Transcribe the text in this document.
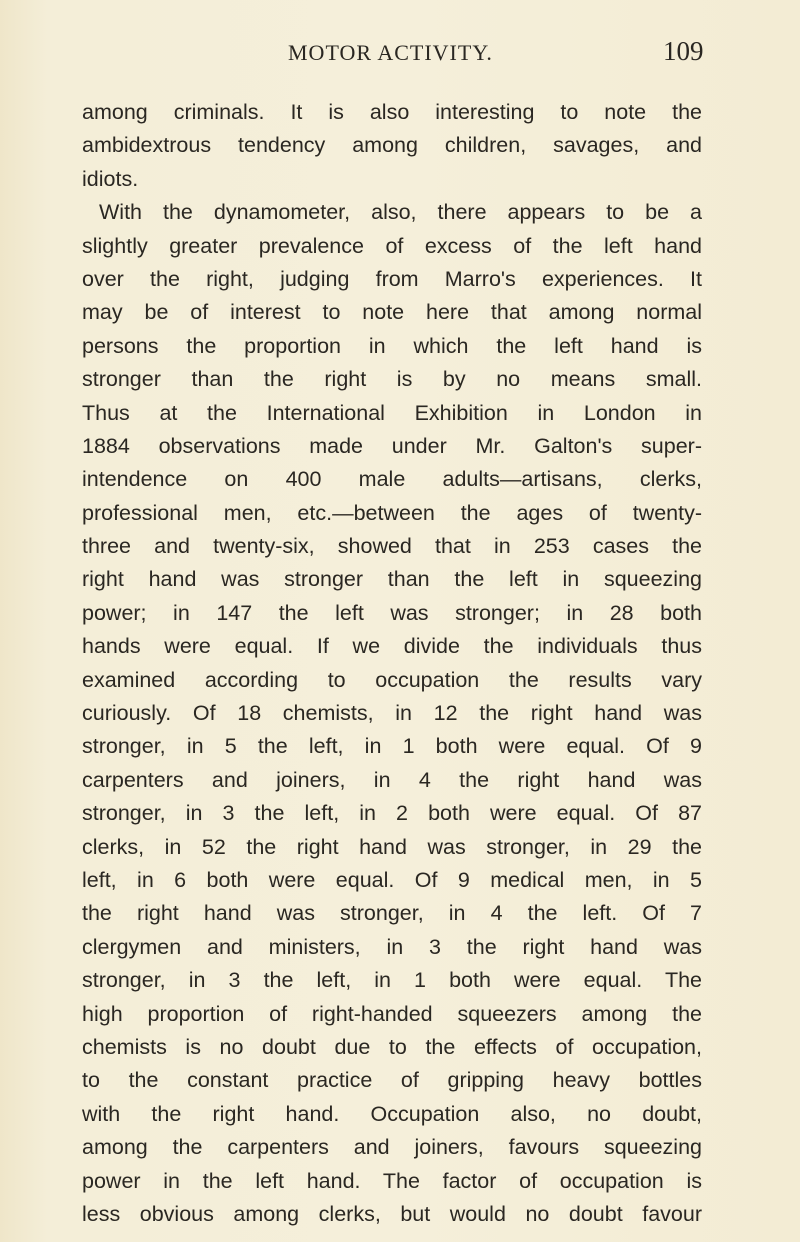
MOTOR ACTIVITY.	109
among criminals. It is also interesting to note the
ambidextrous tendency among children, savages, and
idiots.
With the dynamometer, also, there appears to be a
slightly greater prevalence of excess of the left hand
over the right, judging from Marro's experiences. It
may be of interest to note here that among normal
persons the proportion in which the left hand is
stronger than the right is by no means small.
Thus at the International Exhibition in London in
1884 observations made under Mr. Galton's super-
intendence on 400 male adults—artisans, clerks,
professional men, etc.—between the ages of twenty-
three and twenty-six, showed that in 253 cases the
right hand was stronger than the left in squeezing
power; in 147 the left was stronger; in 28 both
hands were equal. If we divide the individuals thus
examined according to occupation the results vary
curiously. Of 18 chemists, in 12 the right hand was
stronger, in 5 the left, in 1 both were equal. Of 9
carpenters and joiners, in 4 the right hand was
stronger, in 3 the left, in 2 both were equal. Of 87
clerks, in 52 the right hand was stronger, in 29 the
left, in 6 both were equal. Of 9 medical men, in 5
the right hand was stronger, in 4 the left. Of 7
clergymen and ministers, in 3 the right hand was
stronger, in 3 the left, in 1 both were equal. The
high proportion of right-handed squeezers among the
chemists is no doubt due to the effects of occupation,
to the constant practice of gripping heavy bottles
with the right hand. Occupation also, no doubt,
among the carpenters and joiners, favours squeezing
power in the left hand. The factor of occupation is
less obvious among clerks, but would no doubt favour
